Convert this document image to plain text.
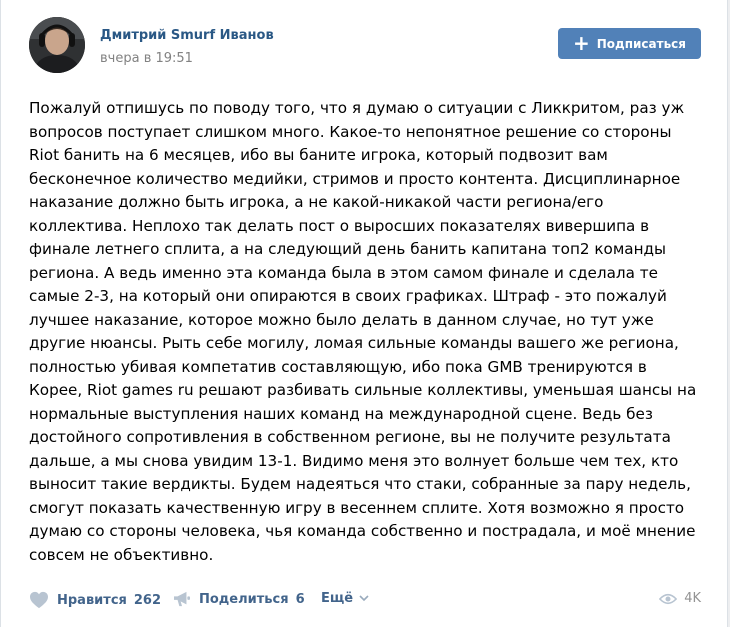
Дмитрий Smurf Иванов
вчера в 19:51
+ Подписаться

Пожалуй отпишусь по поводу того, что я думаю о ситуации с Ликкритом, раз уж вопросов поступает слишком много. Какое-то непонятное решение со стороны Riot банить на 6 месяцев, ибо вы баните игрока, который подвозит вам бесконечное количество медийки, стримов и просто контента. Дисциплинарное наказание должно быть игрока, а не какой-никакой части региона/его коллектива. Неплохо так делать пост о выросших показателях вивершипа в финале летнего сплита, а на следующий день банить капитана топ2 команды региона. А ведь именно эта команда была в этом самом финале и сделала те самые 2-3, на который они опираются в своих графиках. Штраф - это пожалуй лучшее наказание, которое можно было делать в данном случае, но тут уже другие нюансы. Рыть себе могилу, ломая сильные команды вашего же региона, полностью убивая компетатив составляющую, ибо пока GMB тренируются в Корее, Riot games ru решают разбивать сильные коллективы, уменьшая шансы на нормальные выступления наших команд на международной сцене. Ведь без достойного сопротивления в собственном регионе, вы не получите результата дальше, а мы снова увидим 13-1. Видимо меня это волнует больше чем тех, кто выносит такие вердикты. Будем надеяться что стаки, собранные за пару недель, смогут показать качественную игру в весеннем сплите. Хотя возможно я просто думаю со стороны человека, чья команда собственно и пострадала, и моё мнение совсем не объективно.

Нравится 262	Поделиться 6 Ещё	4K
